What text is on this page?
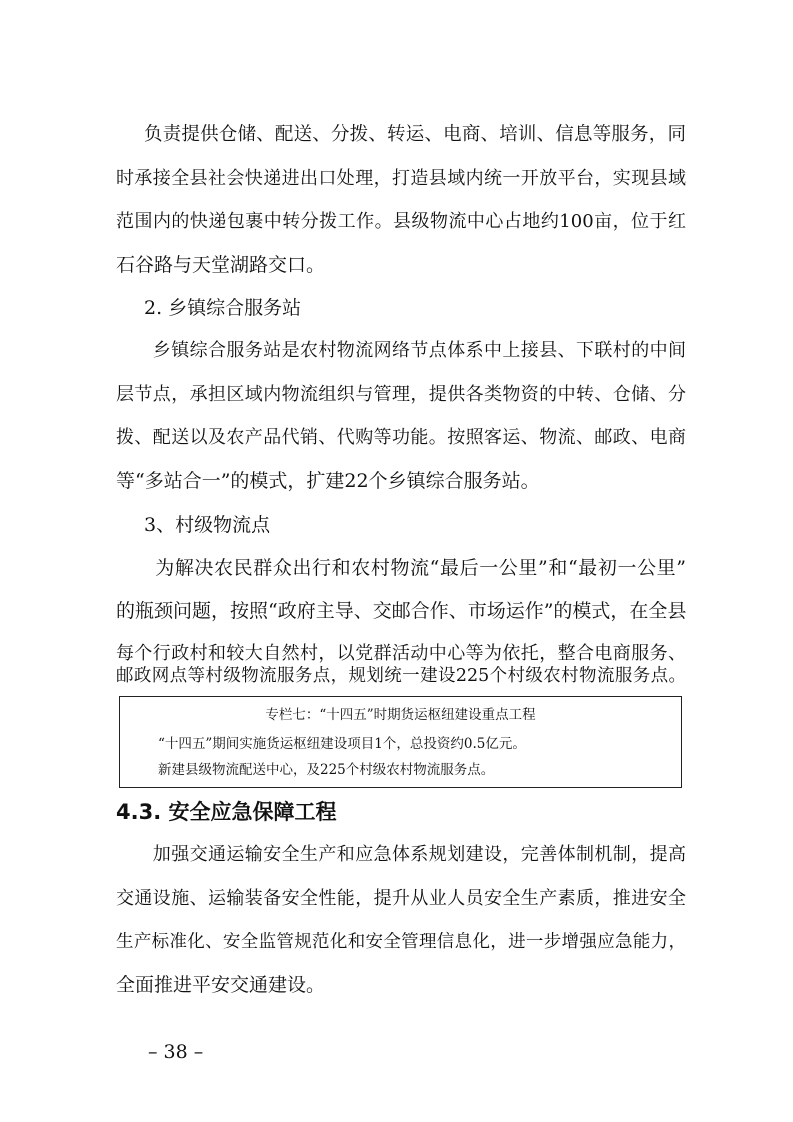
负责提供仓储、配送、分拨、转运、电商、培训、信息等服务，同

时承接全县社会快递进出口处理，打造县域内统一开放平台，实现县域

范围内的快递包裹中转分拨工作。县级物流中心占地约100亩，位于红

石谷路与天堂湖路交口。

2. 乡镇综合服务站

　　乡镇综合服务站是农村物流网络节点体系中上接县、下联村的中间

层节点，承担区域内物流组织与管理，提供各类物资的中转、仓储、分

拨、配送以及农产品代销、代购等功能。按照客运、物流、邮政、电商

等“多站合一”的模式，扩建22个乡镇综合服务站。

3、村级物流点

　　为解决农民群众出行和农村物流“最后一公里”和“最初一公里”

的瓶颈问题，按照“政府主导、交邮合作、市场运作”的模式，在全县

每个行政村和较大自然村，以党群活动中心等为依托，整合电商服务、

邮政网点等村级物流服务点，规划统一建设225个村级农村物流服务点。

专栏七：“十四五”时期货运枢纽建设重点工程

“十四五”期间实施货运枢纽建设项目1个，总投资约0.5亿元。

新建县级物流配送中心，及225个村级农村物流服务点。

4.3. 安全应急保障工程

　　加强交通运输安全生产和应急体系规划建设，完善体制机制，提高

交通设施、运输装备安全性能，提升从业人员安全生产素质，推进安全

生产标准化、安全监管规范化和安全管理信息化，进一步增强应急能力，

全面推进平安交通建设。

– 38 –
